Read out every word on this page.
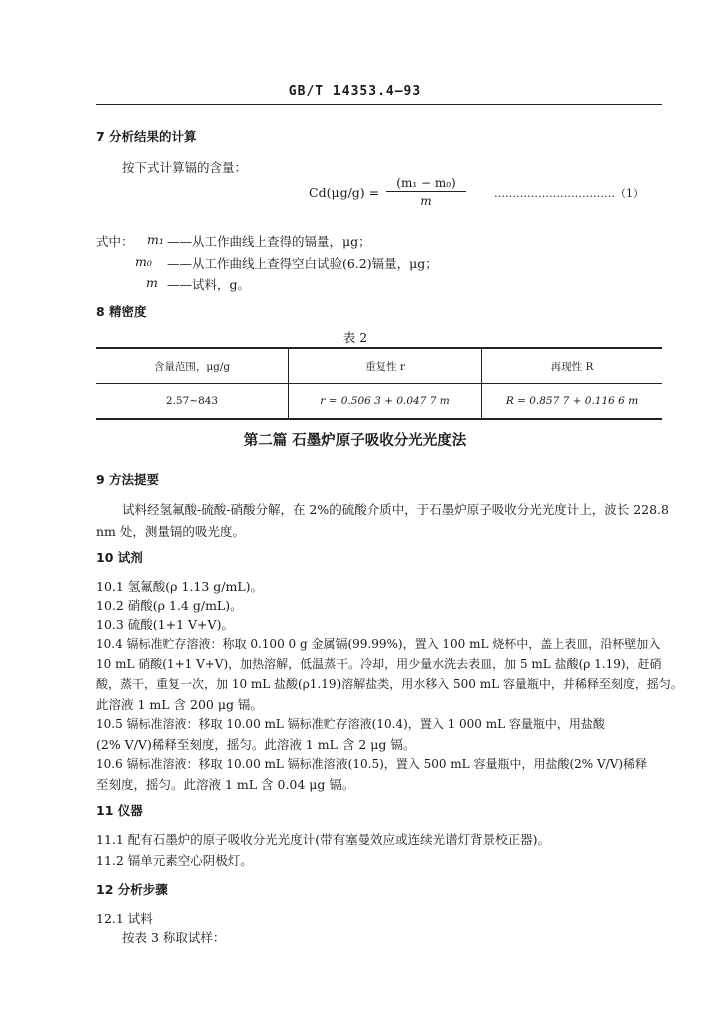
GB/T 14353.4—93
7 分析结果的计算
按下式计算镉的含量：
$Cd(\mu g/g) = \frac{\text{(m₁ − m₀)}}{m}$	……………………………（1）
式中： m₁ ——从工作曲线上查得的镉量，μg；
m₀ ——从工作曲线上查得空白试验(6.2)镉量，μg；
m ——试料，g。
8 精密度
表 2
含量范围，μg/g	重复性 r	再现性 R
2.57~843	r = 0.506 3 + 0.047 7 m	R = 0.857 7 + 0.116 6 m
第二篇 石墨炉原子吸收分光光度法
9 方法提要
试料经氢氟酸-硫酸-硝酸分解，在 2%的硫酸介质中，于石墨炉原子吸收分光光度计上，波长 228.8
nm 处，测量镉的吸光度。
10 试剂
10.1 氢氟酸(ρ 1.13 g/mL)。
10.2 硝酸(ρ 1.4 g/mL)。
10.3 硫酸(1+1 V+V)。
10.4 镉标准贮存溶液：称取 0.100 0 g 金属镉(99.99%)，置入 100 mL 烧杯中，盖上表皿，沿杯壁加入
10 mL 硝酸(1+1 V+V)，加热溶解，低温蒸干。冷却，用少量水洗去表皿，加 5 mL 盐酸(ρ 1.19)，赶硝
酸，蒸干，重复一次，加 10 mL 盐酸(ρ1.19)溶解盐类，用水移入 500 mL 容量瓶中，并稀释至刻度，摇匀。
此溶液 1 mL 含 200 μg 镉。
10.5 镉标准溶液：移取 10.00 mL 镉标准贮存溶液(10.4)，置入 1 000 mL 容量瓶中，用盐酸
(2% V/V)稀释至刻度，摇匀。此溶液 1 mL 含 2 μg 镉。
10.6 镉标准溶液：移取 10.00 mL 镉标准溶液(10.5)，置入 500 mL 容量瓶中，用盐酸(2% V/V)稀释
至刻度，摇匀。此溶液 1 mL 含 0.04 μg 镉。
11 仪器
11.1 配有石墨炉的原子吸收分光光度计(带有塞曼效应或连续光谱灯背景校正器)。
11.2 镉单元素空心阴极灯。
12 分析步骤
12.1 试料
按表 3 称取试样：
